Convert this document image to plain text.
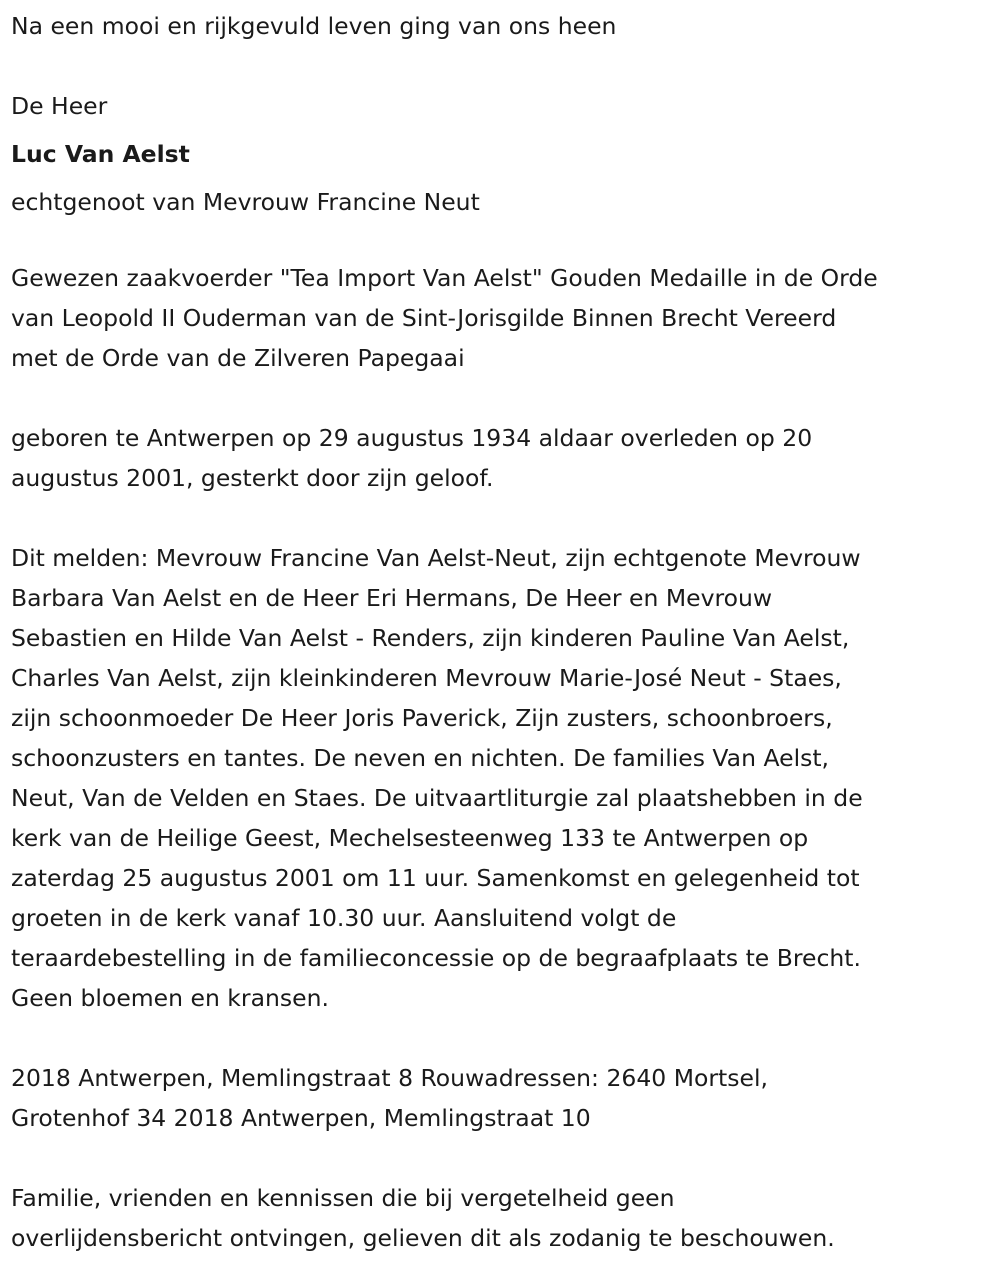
Na een mooi en rijkgevuld leven ging van ons heen
De Heer
Luc Van Aelst
echtgenoot van Mevrouw Francine Neut
Gewezen zaakvoerder "Tea Import Van Aelst" Gouden Medaille in de Orde
van Leopold II Ouderman van de Sint-Jorisgilde Binnen Brecht Vereerd
met de Orde van de Zilveren Papegaai
geboren te Antwerpen op 29 augustus 1934 aldaar overleden op 20
augustus 2001, gesterkt door zijn geloof.
Dit melden: Mevrouw Francine Van Aelst-Neut, zijn echtgenote Mevrouw
Barbara Van Aelst en de Heer Eri Hermans, De Heer en Mevrouw
Sebastien en Hilde Van Aelst - Renders, zijn kinderen Pauline Van Aelst,
Charles Van Aelst, zijn kleinkinderen Mevrouw Marie-José Neut - Staes,
zijn schoonmoeder De Heer Joris Paverick, Zijn zusters, schoonbroers,
schoonzusters en tantes. De neven en nichten. De families Van Aelst,
Neut, Van de Velden en Staes. De uitvaartliturgie zal plaatshebben in de
kerk van de Heilige Geest, Mechelsesteenweg 133 te Antwerpen op
zaterdag 25 augustus 2001 om 11 uur. Samenkomst en gelegenheid tot
groeten in de kerk vanaf 10.30 uur. Aansluitend volgt de
teraardebestelling in de familieconcessie op de begraafplaats te Brecht.
Geen bloemen en kransen.
2018 Antwerpen, Memlingstraat 8 Rouwadressen: 2640 Mortsel,
Grotenhof 34 2018 Antwerpen, Memlingstraat 10
Familie, vrienden en kennissen die bij vergetelheid geen
overlijdensbericht ontvingen, gelieven dit als zodanig te beschouwen.
